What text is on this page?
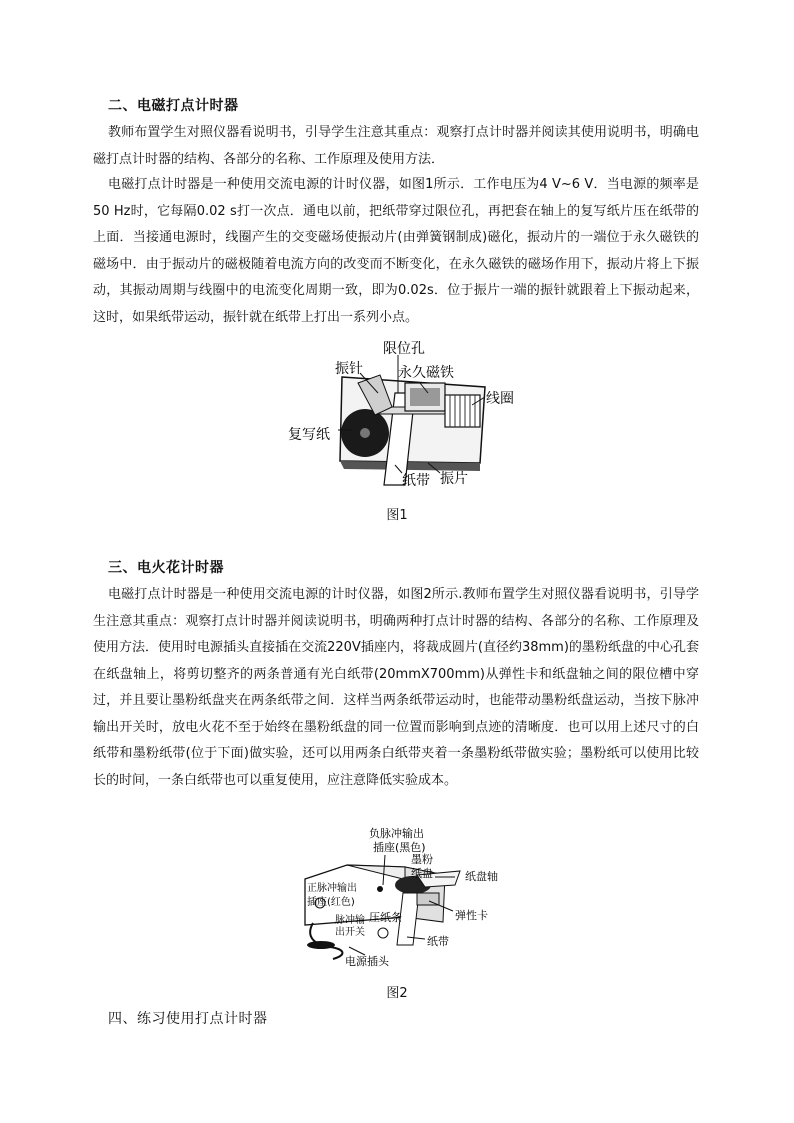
二、电磁打点计时器
教师布置学生对照仪器看说明书，引导学生注意其重点：观察打点计时器并阅读其使用说明书，明确电磁打点计时器的结构、各部分的名称、工作原理及使用方法．
电磁打点计时器是一种使用交流电源的计时仪器，如图1所示．工作电压为4 V~6 V．当电源的频率是50 Hz时，它每隔0.02 s打一次点．通电以前，把纸带穿过限位孔，再把套在轴上的复写纸片压在纸带的上面．当接通电源时，线圈产生的交变磁场使振动片(由弹簧钢制成)磁化，振动片的一端位于永久磁铁的磁场中．由于振动片的磁极随着电流方向的改变而不断变化，在永久磁铁的磁场作用下，振动片将上下振动，其振动周期与线圈中的电流变化周期一致，即为0.02s．位于振片一端的振针就跟着上下振动起来，这时，如果纸带运动，振针就在纸带上打出一系列小点。
振针
限位孔
永久磁铁
线圈
复写纸
纸带 振片
图1
三、电火花计时器
电磁打点计时器是一种使用交流电源的计时仪器，如图2所示.教师布置学生对照仪器看说明书，引导学生注意其重点：观察打点计时器并阅读说明书，明确两种打点计时器的结构、各部分的名称、工作原理及使用方法．使用时电源插头直接插在交流220V插座内，将裁成圆片(直径约38mm)的墨粉纸盘的中心孔套在纸盘轴上，将剪切整齐的两条普通有光白纸带(20mmX700mm)从弹性卡和纸盘轴之间的限位槽中穿过，并且要让墨粉纸盘夹在两条纸带之间．这样当两条纸带运动时，也能带动墨粉纸盘运动，当按下脉冲输出开关时，放电火花不至于始终在墨粉纸盘的同一位置而影响到点迹的清晰度．也可以用上述尺寸的白纸带和墨粉纸带(位于下面)做实验，还可以用两条白纸带夹着一条墨粉纸带做实验；墨粉纸可以使用比较长的时间，一条白纸带也可以重复使用，应注意降低实验成本。
负脉冲输出
插座(黑色)
墨粉
纸盘	纸盘轴
正脉冲输出
插座(红色)
脉冲输
出开关
压纸条	弹性卡
纸带
电源插头
图2
四、练习使用打点计时器
